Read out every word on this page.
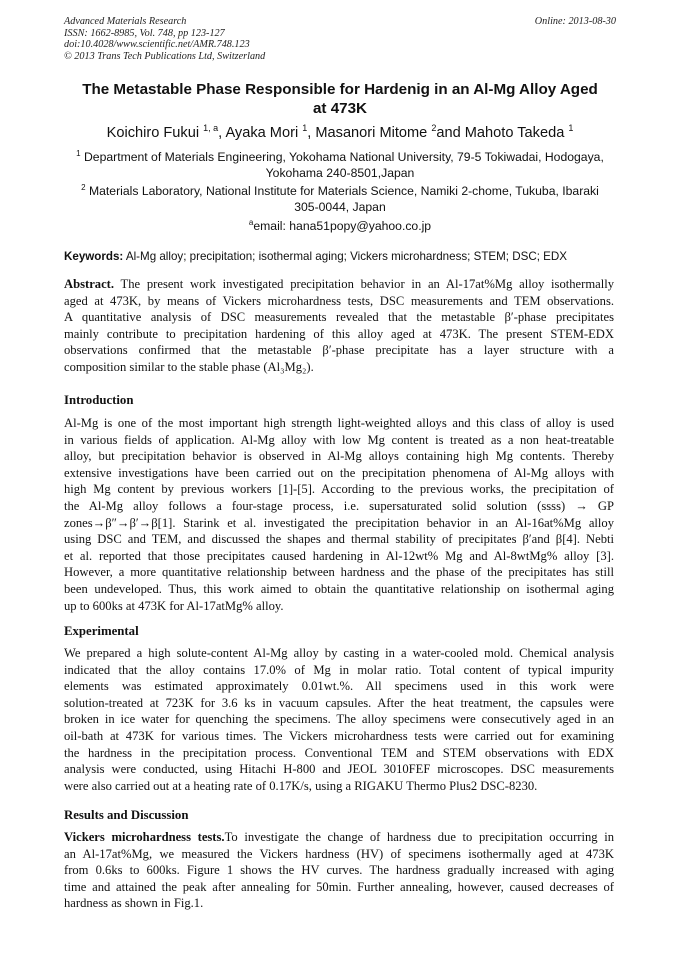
Advanced Materials Research
ISSN: 1662-8985, Vol. 748, pp 123-127
doi:10.4028/www.scientific.net/AMR.748.123
© 2013 Trans Tech Publications Ltd, Switzerland
Online: 2013-08-30
The Metastable Phase Responsible for Hardenig in an Al-Mg Alloy Aged
at 473K
Koichiro Fukui $^{1, a}$, Ayaka Mori $^1$, Masanori Mitome $^2$and Mahoto Takeda $^1$
$^1$ Department of Materials Engineering, Yokohama National University, 79-5 Tokiwadai, Hodogaya,
Yokohama 240-8501,Japan
$^2$ Materials Laboratory, National Institute for Materials Science, Namiki 2-chome, Tukuba, Ibaraki
305-0044, Japan
$^a$email: hana51popy@yahoo.co.jp
Keywords: Al-Mg alloy; precipitation; isothermal aging; Vickers microhardness; STEM; DSC; EDX
Abstract. The present work investigated precipitation behavior in an Al-17at%Mg alloy isothermally
aged at 473K, by means of Vickers microhardness tests, DSC measurements and TEM observations.
A quantitative analysis of DSC measurements revealed that the metastable β′-phase precipitates
mainly contribute to precipitation hardening of this alloy aged at 473K. The present STEM-EDX
observations confirmed that the metastable β′-phase precipitate has a layer structure with a
composition similar to the stable phase (Al₃Mg₂).
Introduction
Al-Mg is one of the most important high strength light-weighted alloys and this class of alloy is used
in various fields of application. Al-Mg alloy with low Mg content is treated as a non heat-treatable
alloy, but precipitation behavior is observed in Al-Mg alloys containing high Mg contents. Thereby
extensive investigations have been carried out on the precipitation phenomena of Al-Mg alloys with
high Mg content by previous workers [1]-[5]. According to the previous works, the precipitation of
the Al-Mg alloy follows a four-stage process, i.e. supersaturated solid solution (ssss) → GP
zones→β″→β′→β[1]. Starink et al. investigated the precipitation behavior in an Al-16at%Mg alloy
using DSC and TEM, and discussed the shapes and thermal stability of precipitates β′and β[4]. Nebti
et al. reported that those precipitates caused hardening in Al-12wt% Mg and Al-8wtMg% alloy [3].
However, a more quantitative relationship between hardness and the phase of the precipitates has still
been undeveloped. Thus, this work aimed to obtain the quantitative relationship on isothermal aging
up to 600ks at 473K for Al-17atMg% alloy.
Experimental
We prepared a high solute-content Al-Mg alloy by casting in a water-cooled mold. Chemical analysis
indicated that the alloy contains 17.0% of Mg in molar ratio. Total content of typical impurity
elements was estimated approximately 0.01wt.%. All specimens used in this work were
solution-treated at 723K for 3.6 ks in vacuum capsules. After the heat treatment, the capsules were
broken in ice water for quenching the specimens. The alloy specimens were consecutively aged in an
oil-bath at 473K for various times. The Vickers microhardness tests were carried out for examining
the hardness in the precipitation process. Conventional TEM and STEM observations with EDX
analysis were conducted, using Hitachi H-800 and JEOL 3010FEF microscopes. DSC measurements
were also carried out at a heating rate of 0.17K/s, using a RIGAKU Thermo Plus2 DSC-8230.
Results and Discussion
Vickers microhardness tests.To investigate the change of hardness due to precipitation occurring in
an Al-17at%Mg, we measured the Vickers hardness (HV) of specimens isothermally aged at 473K
from 0.6ks to 600ks. Figure 1 shows the HV curves. The hardness gradually increased with aging
time and attained the peak after annealing for 50min. Further annealing, however, caused decreases of
hardness as shown in Fig.1.
